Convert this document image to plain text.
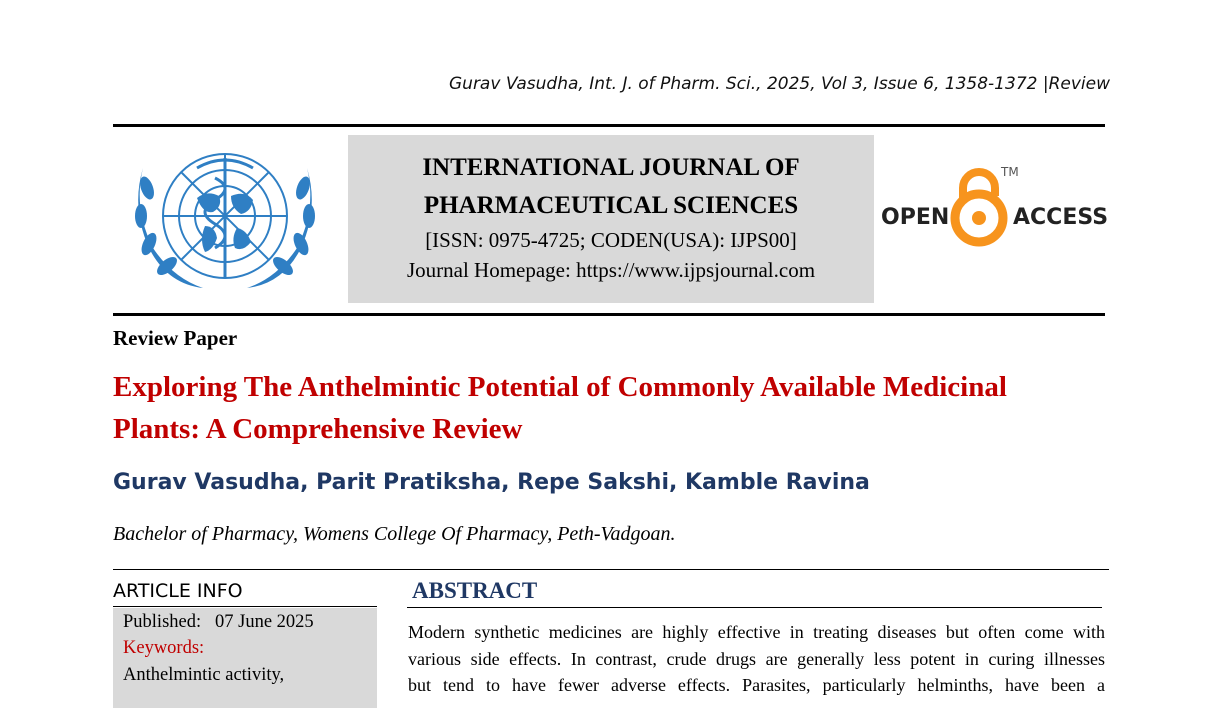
Gurav Vasudha, Int. J. of Pharm. Sci., 2025, Vol 3, Issue 6, 1358-1372 |Review
INTERNATIONAL JOURNAL OF
PHARMACEUTICAL SCIENCES
[ISSN: 0975-4725; CODEN(USA): IJPS00]
Journal Homepage: https://www.ijpsjournal.com
OPEN
TM
ACCESS
Review Paper
Exploring The Anthelmintic Potential of Commonly Available Medicinal
Plants: A Comprehensive Review
Gurav Vasudha, Parit Pratiksha, Repe Sakshi, Kamble Ravina
Bachelor of Pharmacy, Womens College Of Pharmacy, Peth-Vadgoan.
ARTICLE INFO
Published: 07 June 2025
Keywords:
Anthelmintic activity,
ABSTRACT
Modern synthetic medicines are highly effective in treating diseases but often come with
various side effects. In contrast, crude drugs are generally less potent in curing illnesses
but tend to have fewer adverse effects. Parasites, particularly helminths, have been a
